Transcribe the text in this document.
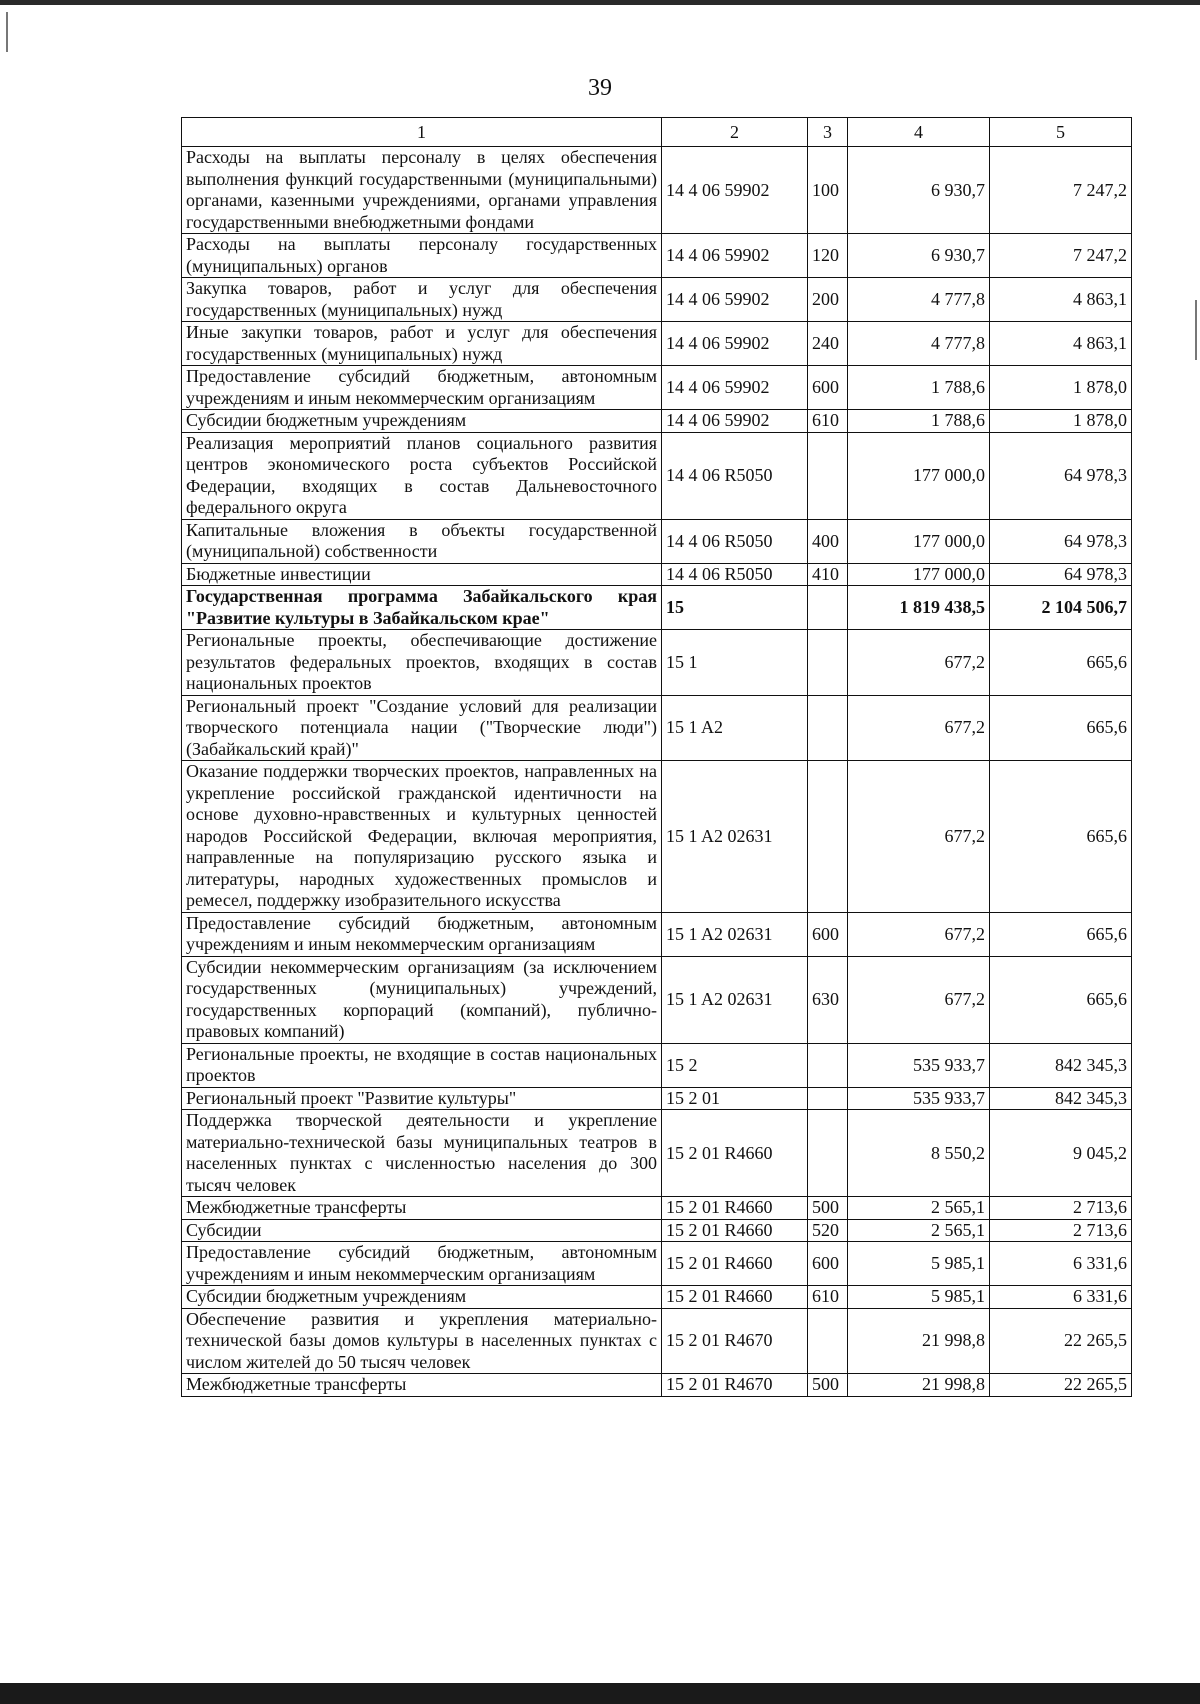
39
1	2	3	4	5
Расходы на выплаты персоналу в целях обеспечения выполнения функций государственными (муниципальными) органами, казенными учреждениями, органами управления государственными внебюджетными фондами	14 4 06 59902	100	6 930,7	7 247,2
Расходы на выплаты персоналу государственных (муниципальных) органов	14 4 06 59902	120	6 930,7	7 247,2
Закупка товаров, работ и услуг для обеспечения государственных (муниципальных) нужд	14 4 06 59902	200	4 777,8	4 863,1
Иные закупки товаров, работ и услуг для обеспечения государственных (муниципальных) нужд	14 4 06 59902	240	4 777,8	4 863,1
Предоставление субсидий бюджетным, автономным учреждениям и иным некоммерческим организациям	14 4 06 59902	600	1 788,6	1 878,0
Субсидии бюджетным учреждениям	14 4 06 59902	610	1 788,6	1 878,0
Реализация мероприятий планов социального развития центров экономического роста субъектов Российской Федерации, входящих в состав Дальневосточного федерального округа	14 4 06 R5050		177 000,0	64 978,3
Капитальные вложения в объекты государственной (муниципальной) собственности	14 4 06 R5050	400	177 000,0	64 978,3
Бюджетные инвестиции	14 4 06 R5050	410	177 000,0	64 978,3
Государственная программа Забайкальского края "Развитие культуры в Забайкальском крае"	15		1 819 438,5	2 104 506,7
Региональные проекты, обеспечивающие достижение результатов федеральных проектов, входящих в состав национальных проектов	15 1		677,2	665,6
Региональный проект "Создание условий для реализации творческого потенциала нации ("Творческие люди") (Забайкальский край)"	15 1 A2		677,2	665,6
Оказание поддержки творческих проектов, направленных на укрепление российской гражданской идентичности на основе духовно-нравственных и культурных ценностей народов Российской Федерации, включая мероприятия, направленные на популяризацию русского языка и литературы, народных художественных промыслов и ремесел, поддержку изобразительного искусства	15 1 A2 02631		677,2	665,6
Предоставление субсидий бюджетным, автономным учреждениям и иным некоммерческим организациям	15 1 A2 02631	600	677,2	665,6
Субсидии некоммерческим организациям (за исключением государственных (муниципальных) учреждений, государственных корпораций (компаний), публично-правовых компаний)	15 1 A2 02631	630	677,2	665,6
Региональные проекты, не входящие в состав национальных проектов	15 2		535 933,7	842 345,3
Региональный проект "Развитие культуры"	15 2 01		535 933,7	842 345,3
Поддержка творческой деятельности и укрепление материально-технической базы муниципальных театров в населенных пунктах с численностью населения до 300 тысяч человек	15 2 01 R4660		8 550,2	9 045,2
Межбюджетные трансферты	15 2 01 R4660	500	2 565,1	2 713,6
Субсидии	15 2 01 R4660	520	2 565,1	2 713,6
Предоставление субсидий бюджетным, автономным учреждениям и иным некоммерческим организациям	15 2 01 R4660	600	5 985,1	6 331,6
Субсидии бюджетным учреждениям	15 2 01 R4660	610	5 985,1	6 331,6
Обеспечение развития и укрепления материально-технической базы домов культуры в населенных пунктах с числом жителей до 50 тысяч человек	15 2 01 R4670		21 998,8	22 265,5
Межбюджетные трансферты	15 2 01 R4670	500	21 998,8	22 265,5
